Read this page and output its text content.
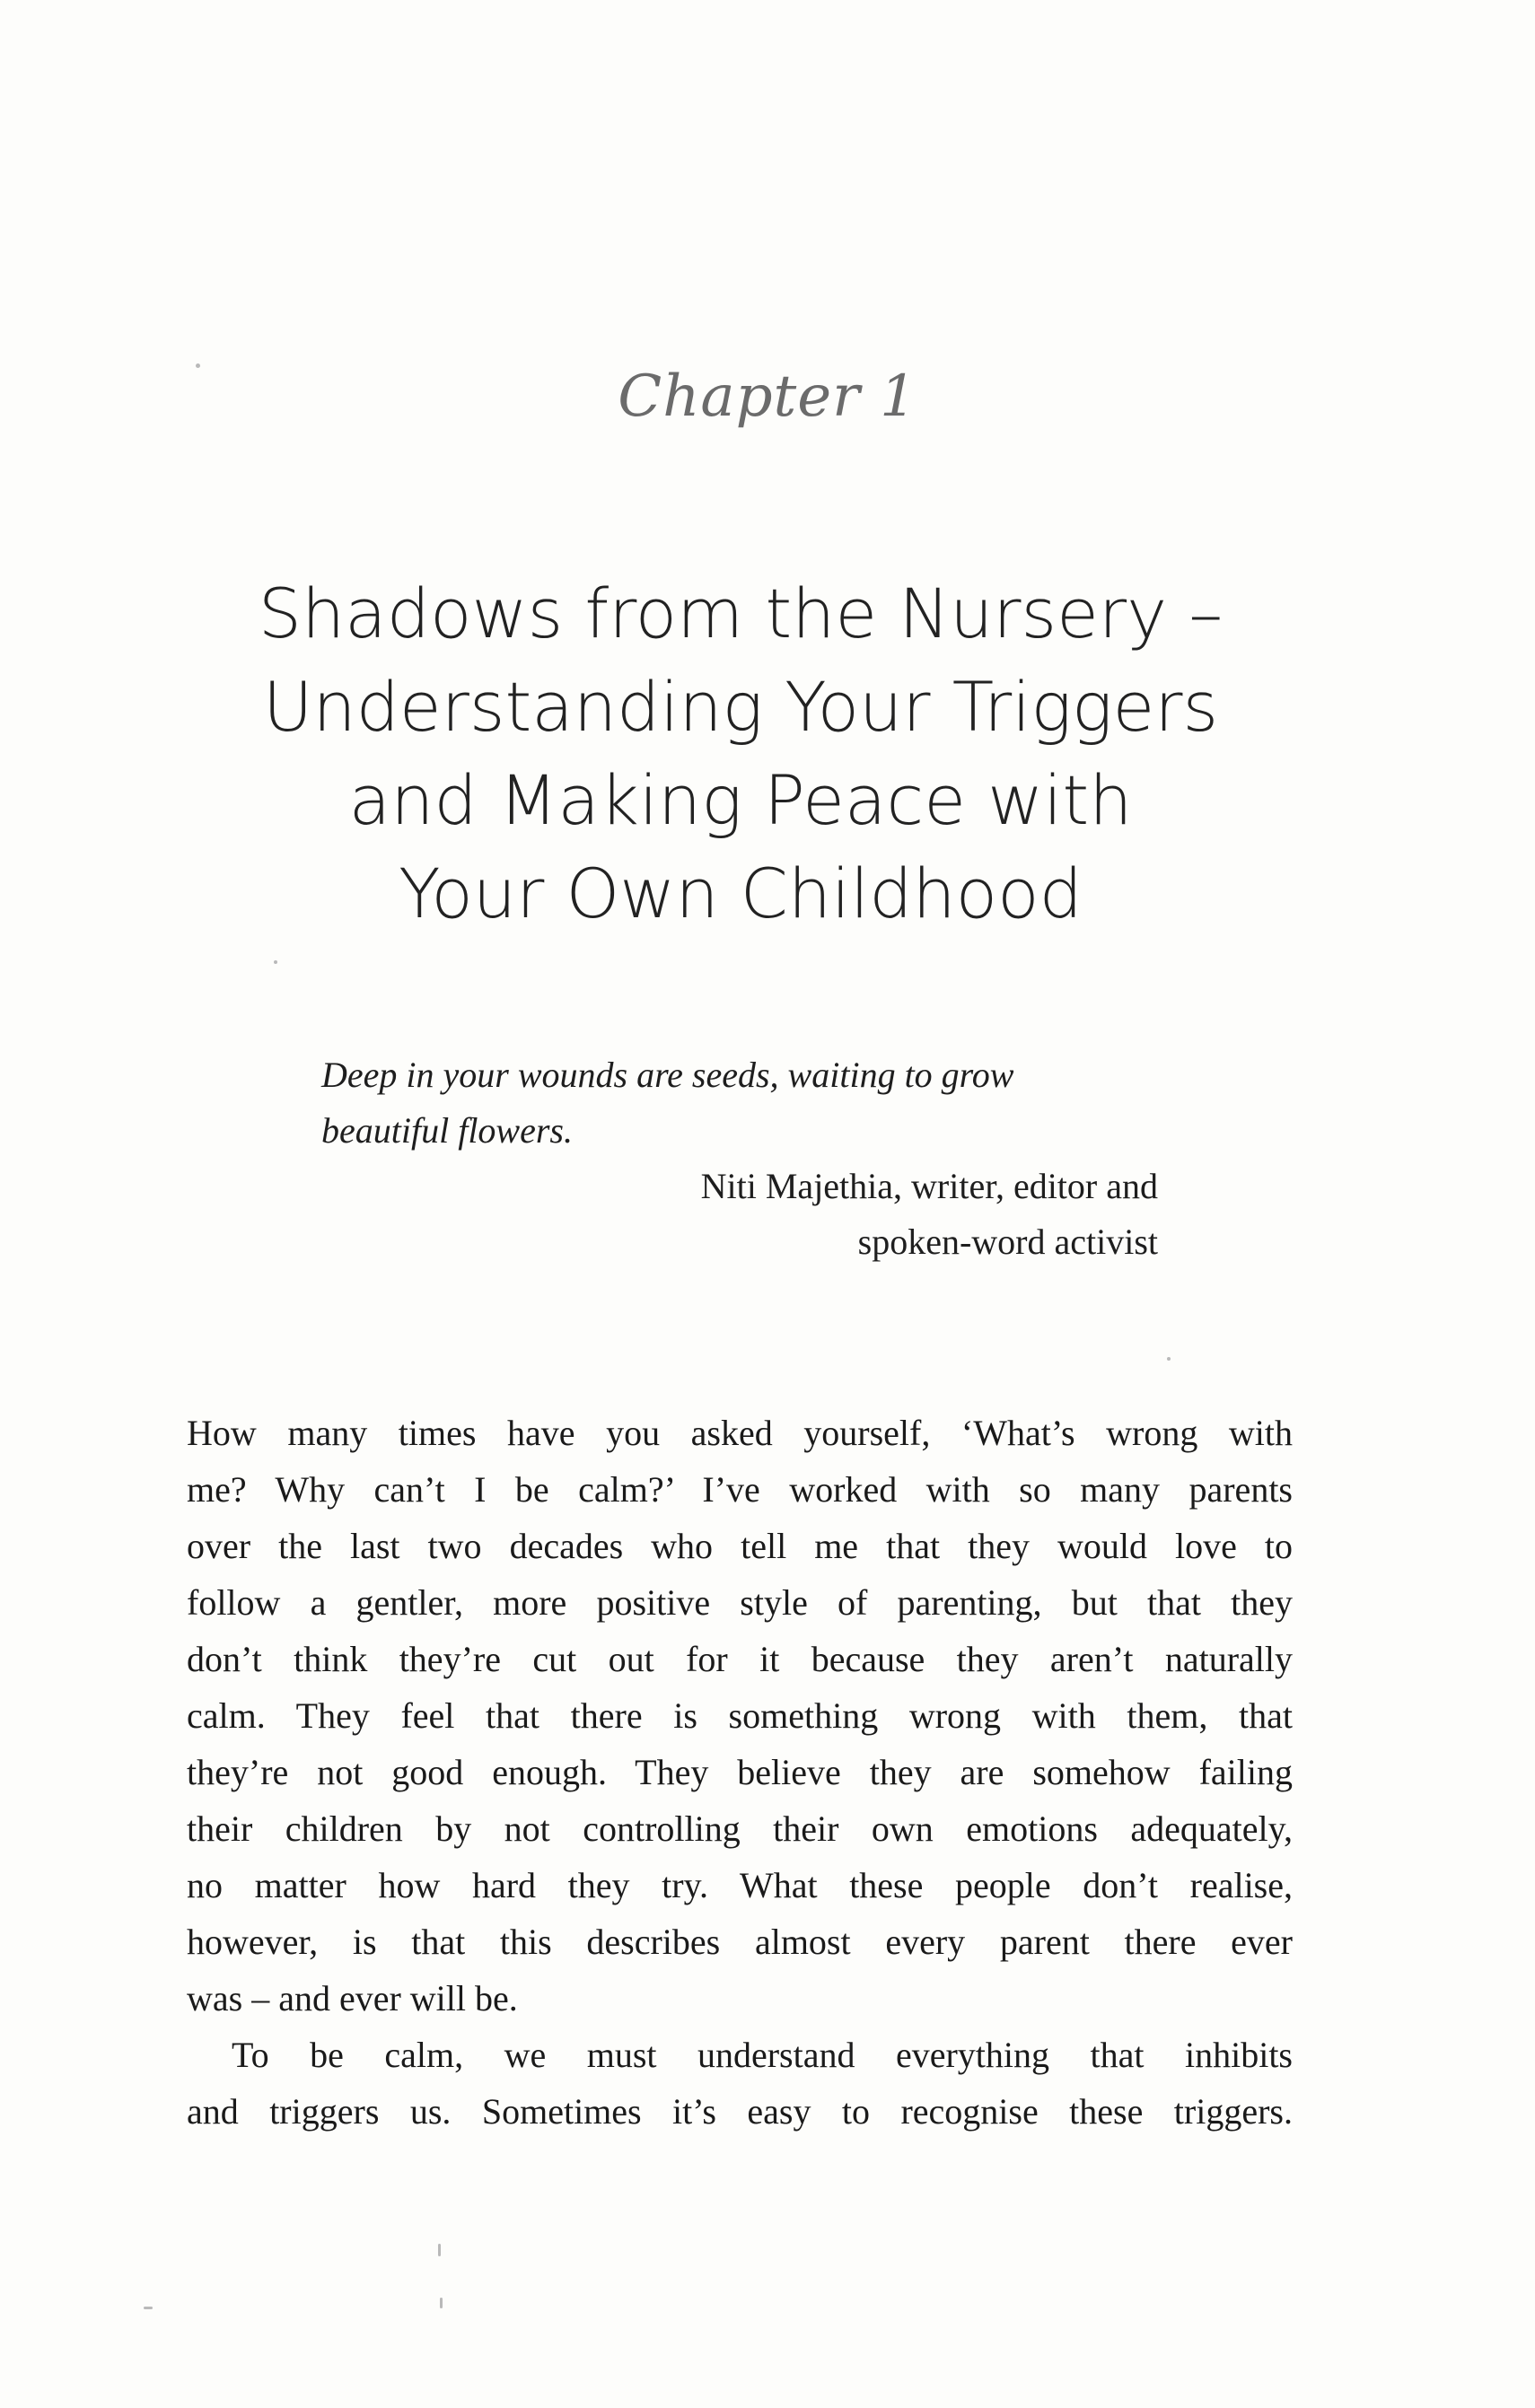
Chapter 1
Shadows from the Nursery –
Understanding Your Triggers
and Making Peace with
Your Own Childhood
Deep in your wounds are seeds, waiting to grow
beautiful flowers.
Niti Majethia, writer, editor and
spoken-word activist
How many times have you asked yourself, ‘What’s wrong with
me? Why can’t I be calm?’ I’ve worked with so many parents
over the last two decades who tell me that they would love to
follow a gentler, more positive style of parenting, but that they
don’t think they’re cut out for it because they aren’t naturally
calm. They feel that there is something wrong with them, that
they’re not good enough. They believe they are somehow failing
their children by not controlling their own emotions adequately,
no matter how hard they try. What these people don’t realise,
however, is that this describes almost every parent there ever
was – and ever will be.
To be calm, we must understand everything that inhibits
and triggers us. Sometimes it’s easy to recognise these triggers.
